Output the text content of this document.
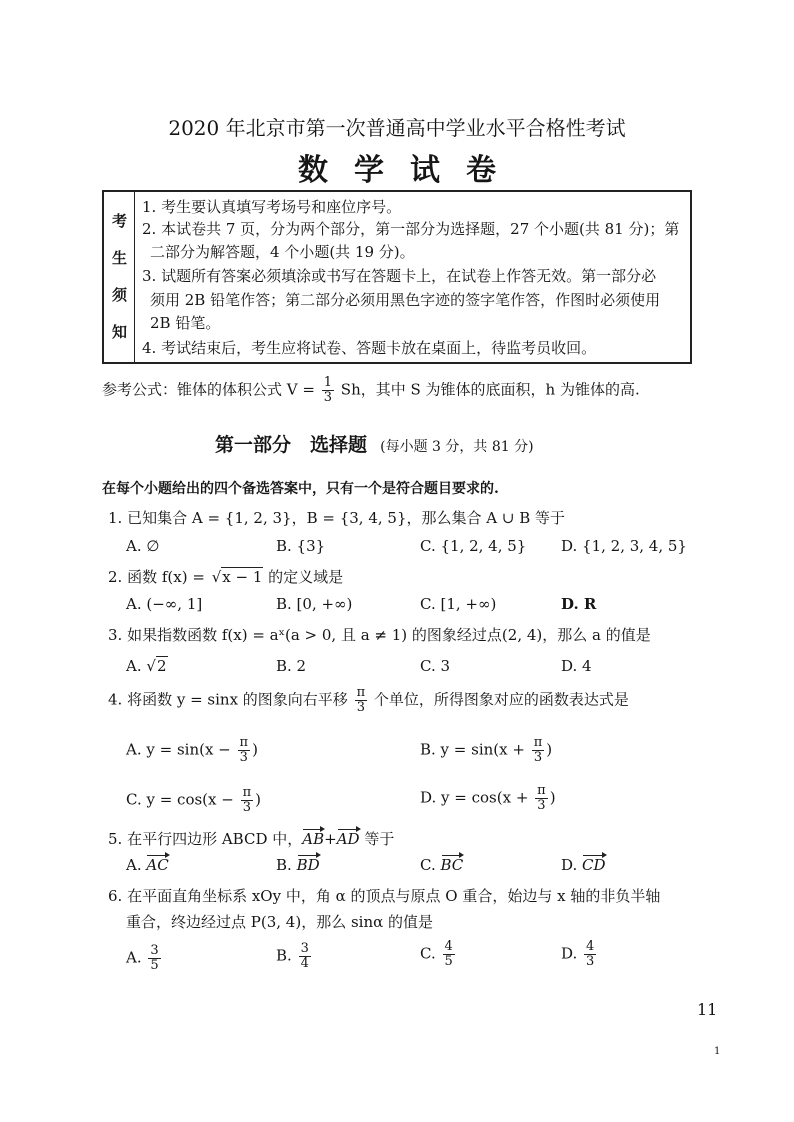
2020 年北京市第一次普通高中学业水平合格性考试
数学试卷
考
生
须
知
1. 考生要认真填写考场号和座位序号。
2. 本试卷共 7 页，分为两个部分，第一部分为选择题，27 个小题(共 81 分)；第
二部分为解答题，4 个小题(共 19 分)。
3. 试题所有答案必须填涂或书写在答题卡上，在试卷上作答无效。第一部分必
须用 2B 铅笔作答；第二部分必须用黑色字迹的签字笔作答，作图时必须使用
2B 铅笔。
4. 考试结束后，考生应将试卷、答题卡放在桌面上，待监考员收回。
参考公式：锥体的体积公式 $V = \frac{1}{3}$ Sh，其中 S 为锥体的底面积，h 为锥体的高.
第一部分　选择题 (每小题 3 分，共 81 分)
在每个小题给出的四个备选答案中，只有一个是符合题目要求的.
1. 已知集合 A = {1, 2, 3}，B = {3, 4, 5}，那么集合 A ∪ B 等于
A. ∅	B. {3}	C. {1, 2, 4, 5} D. {1, 2, 3, 4, 5}
2. 函数 f(x) = √x − 1 的定义域是
A. (−∞, 1]	B. [0, +∞)	C. [1, +∞)	D. R
3. 如果指数函数 f(x) = aˣ(a > 0, 且 a ≠ 1) 的图象经过点(2, 4)，那么 a 的值是
A. √2	B. 2	C. 3	D. 4
4. 将函数 y = sinx 的图象向右平移 $\frac{\pi}{3}$ 个单位，所得图象对应的函数表达式是
A. $y = \sin(x - \frac{\pi}{3}$ )	B. $y = \sin(x + \frac{\pi}{3}$ )
C. $y = \cos(x - \frac{\pi}{3}$ )	D. $y = \cos(x + \frac{\pi}{3}$ )
5. 在平行四边形 ABCD 中，AB+AD 等于
A. AC	B. BD	C. BC	D. CD
6. 在平面直角坐标系 xOy 中，角 α 的顶点与原点 O 重合，始边与 x 轴的非负半轴
重合，终边经过点 P(3, 4)，那么 sinα 的值是
A. $\frac{3}{5}$	B. $\frac{3}{4}$	C. $\frac{4}{5}$	D. $\frac{4}{3}$
11
1
